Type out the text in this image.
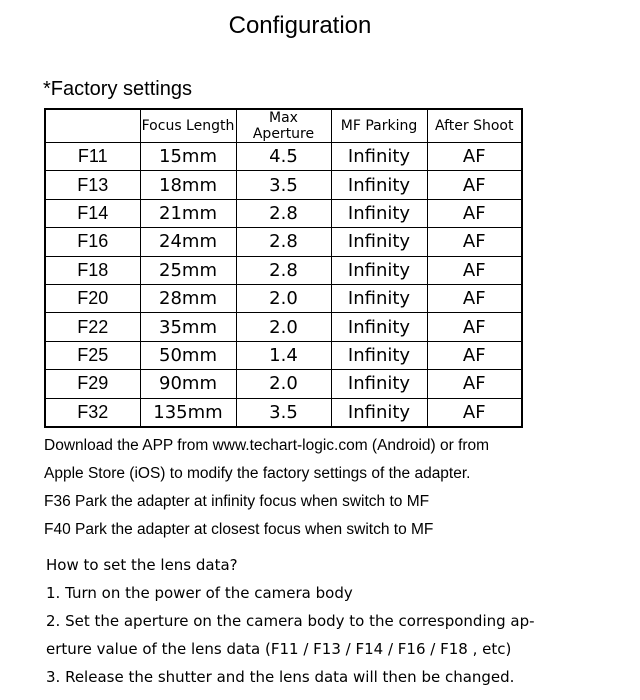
Configuration
*Factory settings
	Focus Length	Max Aperture	MF Parking	After Shoot
F11	15mm	4.5	Infinity	AF
F13	18mm	3.5	Infinity	AF
F14	21mm	2.8	Infinity	AF
F16	24mm	2.8	Infinity	AF
F18	25mm	2.8	Infinity	AF
F20	28mm	2.0	Infinity	AF
F22	35mm	2.0	Infinity	AF
F25	50mm	1.4	Infinity	AF
F29	90mm	2.0	Infinity	AF
F32	135mm	3.5	Infinity	AF

Download the APP from www.techart-logic.com (Android) or from

Apple Store (iOS) to modify the factory settings of the adapter.

F36 Park the adapter at infinity focus when switch to MF

F40 Park the adapter at closest focus when switch to MF

How to set the lens data?

1. Turn on the power of the camera body

2. Set the aperture on the camera body to the corresponding ap-

erture value of the lens data (F11 / F13 / F14 / F16 / F18 , etc)

3. Release the shutter and the lens data will then be changed.
